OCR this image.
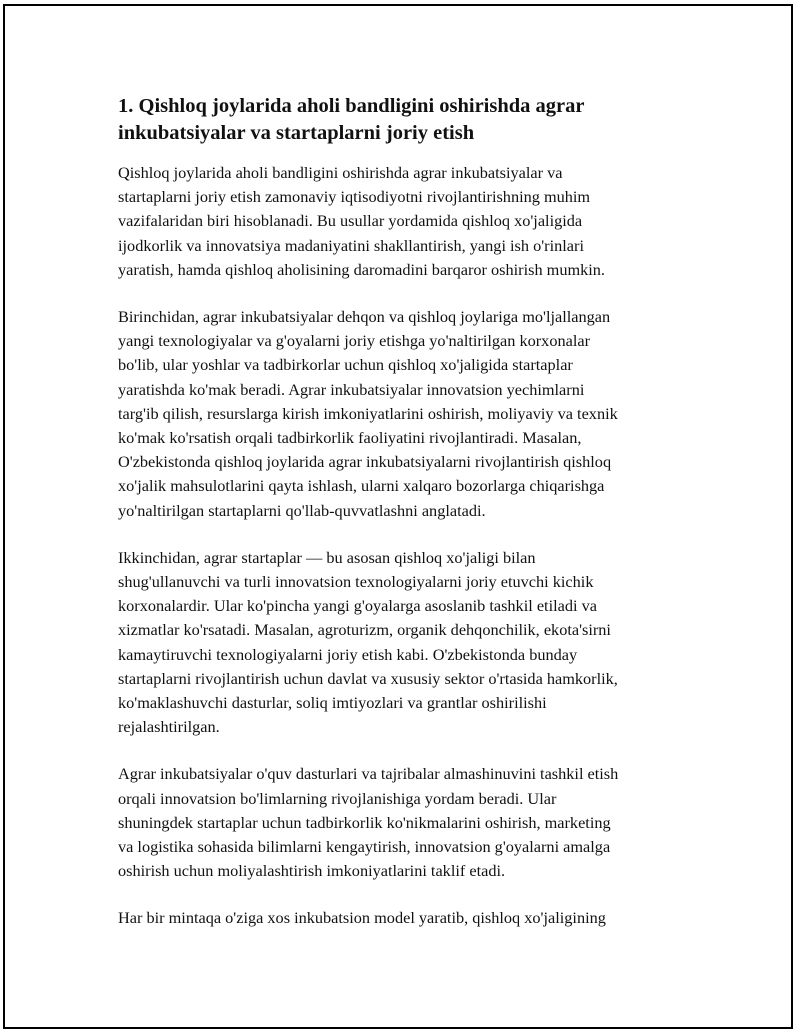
1. Qishloq joylarida aholi bandligini oshirishda agrar
inkubatsiyalar va startaplarni joriy etish

Qishloq joylarida aholi bandligini oshirishda agrar inkubatsiyalar va
startaplarni joriy etish zamonaviy iqtisodiyotni rivojlantirishning muhim
vazifalaridan biri hisoblanadi. Bu usullar yordamida qishloq xo'jaligida
ijodkorlik va innovatsiya madaniyatini shakllantirish, yangi ish o'rinlari
yaratish, hamda qishloq aholisining daromadini barqaror oshirish mumkin.

Birinchidan, agrar inkubatsiyalar dehqon va qishloq joylariga mo'ljallangan
yangi texnologiyalar va g'oyalarni joriy etishga yo'naltirilgan korxonalar
bo'lib, ular yoshlar va tadbirkorlar uchun qishloq xo'jaligida startaplar
yaratishda ko'mak beradi. Agrar inkubatsiyalar innovatsion yechimlarni
targ'ib qilish, resurslarga kirish imkoniyatlarini oshirish, moliyaviy va texnik
ko'mak ko'rsatish orqali tadbirkorlik faoliyatini rivojlantiradi. Masalan,
O'zbekistonda qishloq joylarida agrar inkubatsiyalarni rivojlantirish qishloq
xo'jalik mahsulotlarini qayta ishlash, ularni xalqaro bozorlarga chiqarishga
yo'naltirilgan startaplarni qo'llab-quvvatlashni anglatadi.

Ikkinchidan, agrar startaplar — bu asosan qishloq xo'jaligi bilan
shug'ullanuvchi va turli innovatsion texnologiyalarni joriy etuvchi kichik
korxonalardir. Ular ko'pincha yangi g'oyalarga asoslanib tashkil etiladi va
xizmatlar ko'rsatadi. Masalan, agroturizm, organik dehqonchilik, ekota'sirni
kamaytiruvchi texnologiyalarni joriy etish kabi. O'zbekistonda bunday
startaplarni rivojlantirish uchun davlat va xususiy sektor o'rtasida hamkorlik,
ko'maklashuvchi dasturlar, soliq imtiyozlari va grantlar oshirilishi
rejalashtirilgan.

Agrar inkubatsiyalar o'quv dasturlari va tajribalar almashinuvini tashkil etish
orqali innovatsion bo'limlarning rivojlanishiga yordam beradi. Ular
shuningdek startaplar uchun tadbirkorlik ko'nikmalarini oshirish, marketing
va logistika sohasida bilimlarni kengaytirish, innovatsion g'oyalarni amalga
oshirish uchun moliyalashtirish imkoniyatlarini taklif etadi.

Har bir mintaqa o'ziga xos inkubatsion model yaratib, qishloq xo'jaligining
